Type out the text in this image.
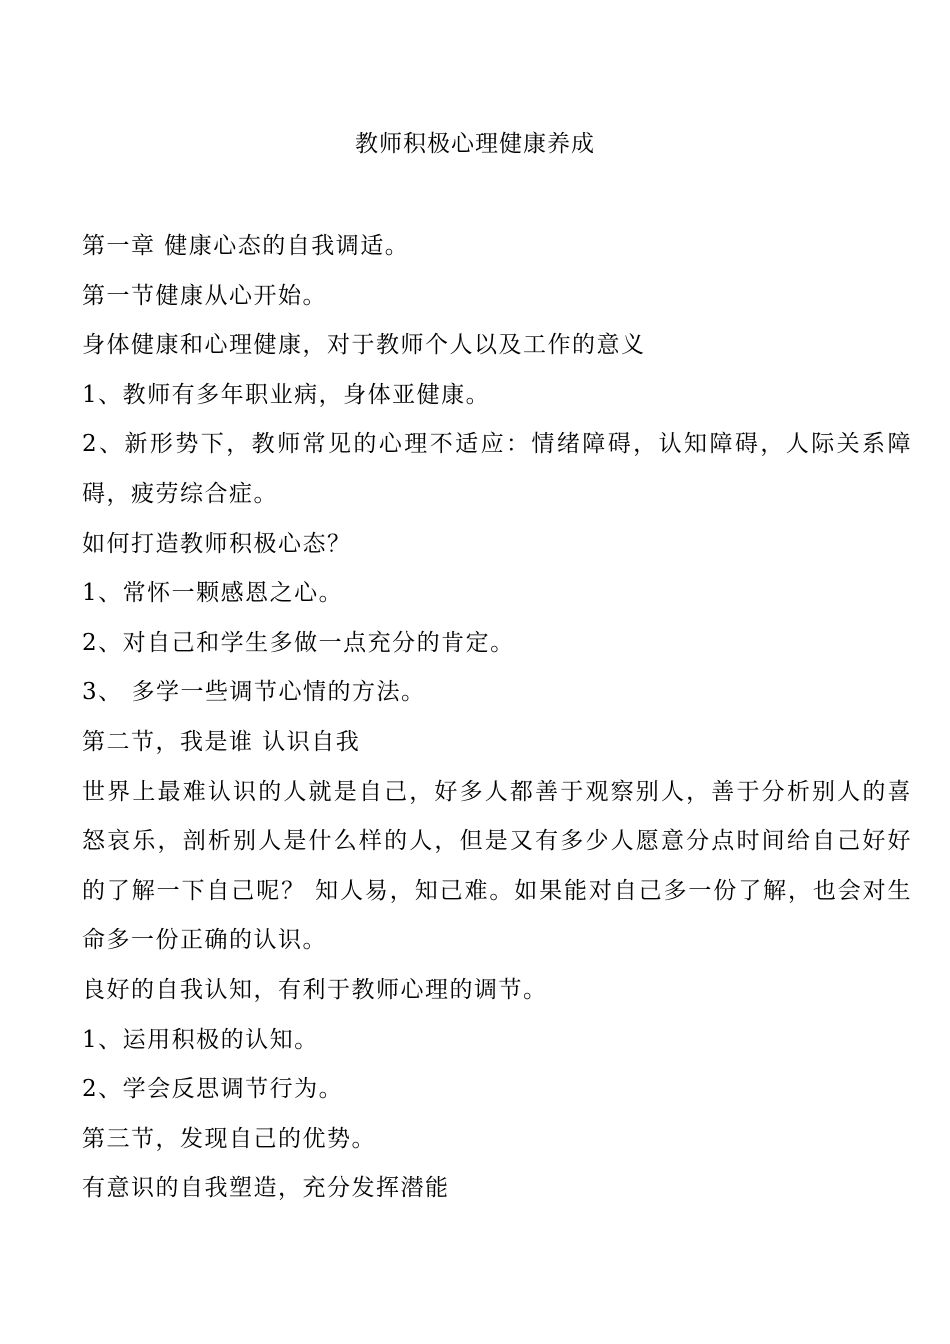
教师积极心理健康养成

第一章 健康心态的自我调适。

第一节健康从心开始。

身体健康和心理健康，对于教师个人以及工作的意义

1、教师有多年职业病，身体亚健康。

2、新形势下，教师常见的心理不适应：情绪障碍，认知障碍，人际关系障碍，疲劳综合症。

如何打造教师积极心态？

1、常怀一颗感恩之心。

2、对自己和学生多做一点充分的肯定。

3、 多学一些调节心情的方法。

第二节，我是谁 认识自我

世界上最难认识的人就是自己，好多人都善于观察别人，善于分析别人的喜怒哀乐，剖析别人是什么样的人，但是又有多少人愿意分点时间给自己好好的了解一下自己呢？ 知人易，知己难。如果能对自己多一份了解，也会对生命多一份正确的认识。

良好的自我认知，有利于教师心理的调节。

1、运用积极的认知。

2、学会反思调节行为。

第三节，发现自己的优势。

有意识的自我塑造，充分发挥潜能
